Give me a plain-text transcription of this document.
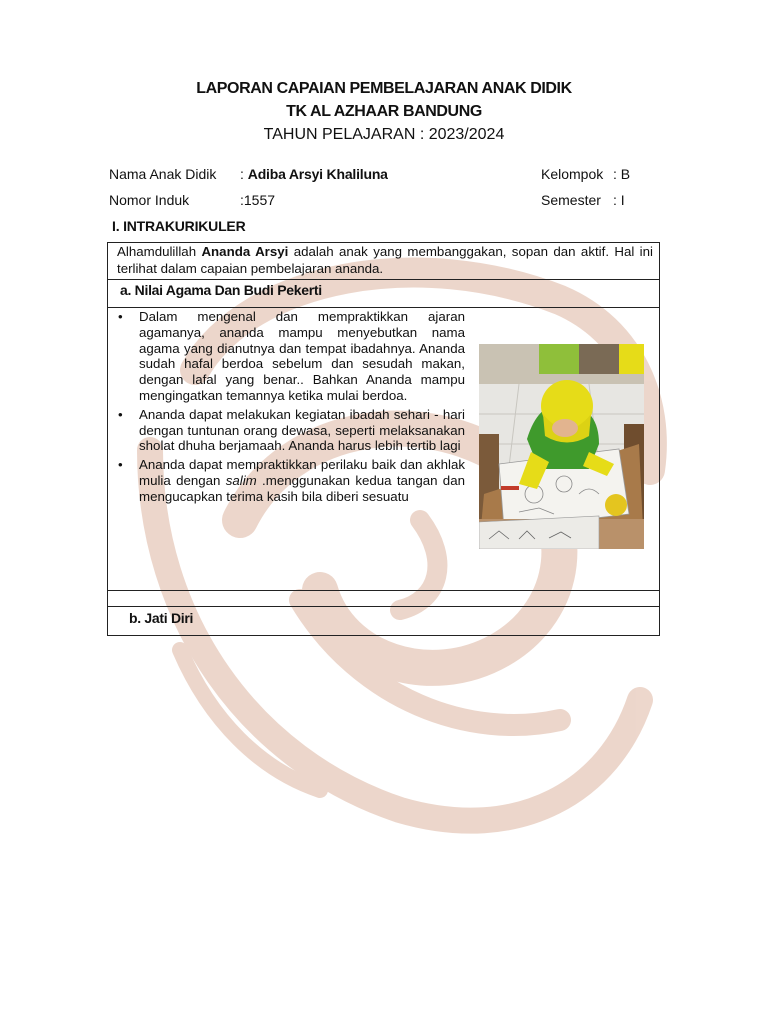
LAPORAN CAPAIAN PEMBELAJARAN ANAK DIDIK
TK AL AZHAAR BANDUNG
TAHUN PELAJARAN : 2023/2024
Nama Anak Didik : Adiba Arsyi Khaliluna	Kelompok : B
Nomor Induk	:1557	Semester : I
I. INTRAKURIKULER
Alhamdulillah Ananda Arsyi adalah anak yang membanggakan, sopan dan aktif. Hal ini terlihat dalam capaian pembelajaran ananda.
a. Nilai Agama Dan Budi Pekerti
• Dalam mengenal dan mempraktikkan ajaran agamanya, ananda mampu menyebutkan nama agama yang dianutnya dan tempat ibadahnya. Ananda sudah hafal berdoa sebelum dan sesudah makan, dengan lafal yang benar.. Bahkan Ananda mampu mengingatkan temannya ketika mulai berdoa.
• Ananda dapat melakukan kegiatan ibadah sehari - hari dengan tuntunan orang dewasa, seperti melaksanakan sholat dhuha berjamaah. Ananda harus lebih tertib lagi
• Ananda dapat mempraktikkan perilaku baik dan akhlak mulia dengan salim .menggunakan kedua tangan dan mengucapkan terima kasih bila diberi sesuatu
b. Jati Diri
